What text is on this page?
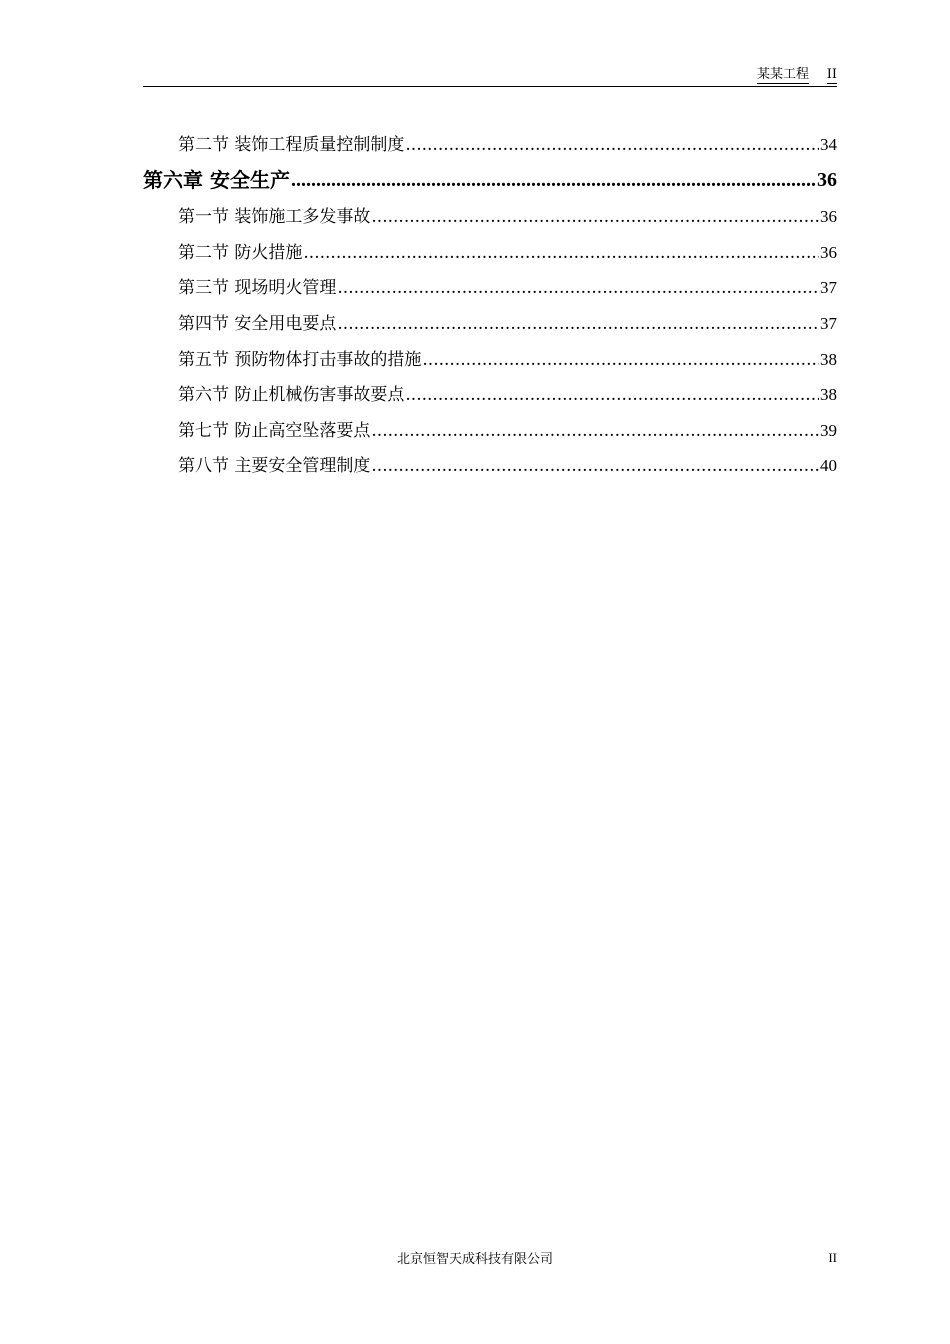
某某工程 II
第二节 装饰工程质量控制制度 .....	34
第六章 安全生产 .....	36
第一节 装饰施工多发事故 .....	36
第二节 防火措施 .....	36
第三节 现场明火管理 .....	37
第四节 安全用电要点 .....	37
第五节 预防物体打击事故的措施 .....	38
第六节 防止机械伤害事故要点 .....	38
第七节 防止高空坠落要点 .....	39
第八节 主要安全管理制度 .....	40
北京恒智天成科技有限公司	II
